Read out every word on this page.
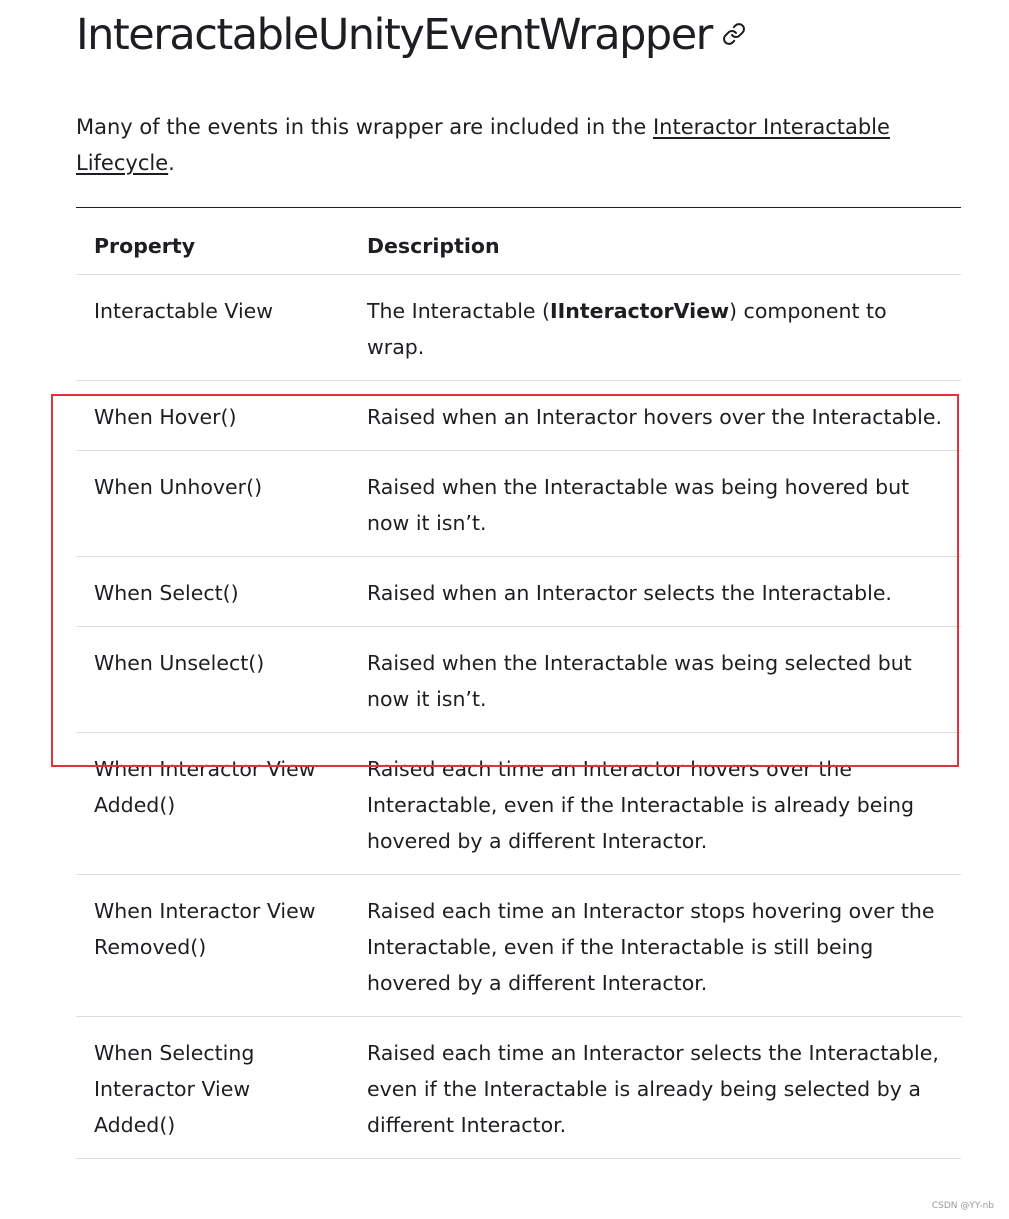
InteractableUnityEventWrapper

Many of the events in this wrapper are included in the Interactor Interactable Lifecycle.

Property	Description
Interactable View	The Interactable (IInteractorView) component to wrap.
When Hover()	Raised when an Interactor hovers over the Interactable.
When Unhover()	Raised when the Interactable was being hovered but now it isn’t.
When Select()	Raised when an Interactor selects the Interactable.
When Unselect()	Raised when the Interactable was being selected but now it isn’t.
When Interactor View Added()	Raised each time an Interactor hovers over the Interactable, even if the Interactable is already being hovered by a different Interactor.
When Interactor View Removed()	Raised each time an Interactor stops hovering over the Interactable, even if the Interactable is still being hovered by a different Interactor.
When Selecting Interactor View Added()	Raised each time an Interactor selects the Interactable, even if the Interactable is already being selected by a different Interactor.
CSDN @YY-nb
